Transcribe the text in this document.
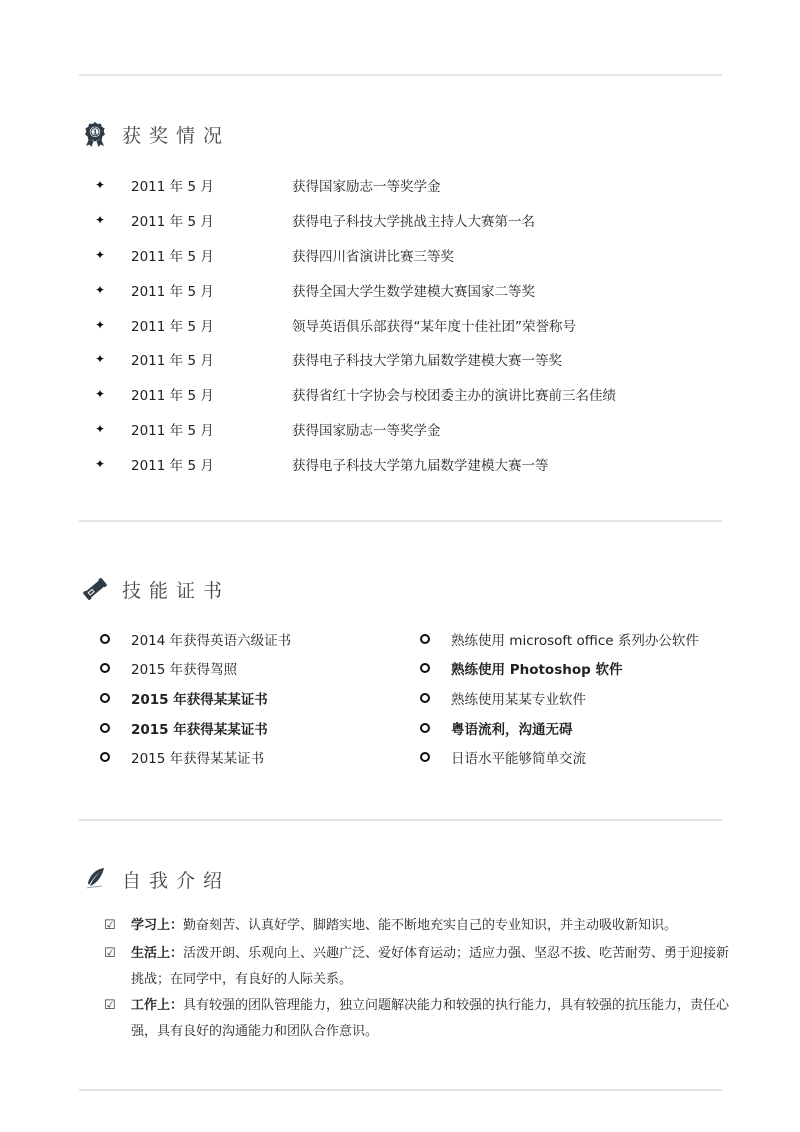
1 获奖情况
✦	2011 年 5 月	获得国家励志一等奖学金
✦	2011 年 5 月	获得电子科技大学挑战主持人大赛第一名
✦	2011 年 5 月	获得四川省演讲比赛三等奖
✦	2011 年 5 月	获得全国大学生数学建模大赛国家二等奖
✦	2011 年 5 月	领导英语俱乐部获得“某年度十佳社团”荣誉称号
✦	2011 年 5 月	获得电子科技大学第九届数学建模大赛一等奖
✦	2011 年 5 月	获得省红十字协会与校团委主办的演讲比赛前三名佳绩
✦	2011 年 5 月	获得国家励志一等奖学金
✦	2011 年 5 月	获得电子科技大学第九届数学建模大赛一等
技能证书
2014 年获得英语六级证书
2015 年获得驾照
2015 年获得某某证书
2015 年获得某某证书
2015 年获得某某证书
熟练使用 microsoft office 系列办公软件
熟练使用 Photoshop 软件
熟练使用某某专业软件
粤语流利，沟通无碍
日语水平能够简单交流
自我介绍
☑	学习上：勤奋刻苦、认真好学、脚踏实地、能不断地充实自己的专业知识，并主动吸收新知识。
☑	生活上：活泼开朗、乐观向上、兴趣广泛、爱好体育运动；适应力强、坚忍不拔、吃苦耐劳、勇于迎接新挑战；在同学中，有良好的人际关系。
☑	工作上：具有较强的团队管理能力，独立问题解决能力和较强的执行能力，具有较强的抗压能力，责任心强，具有良好的沟通能力和团队合作意识。
